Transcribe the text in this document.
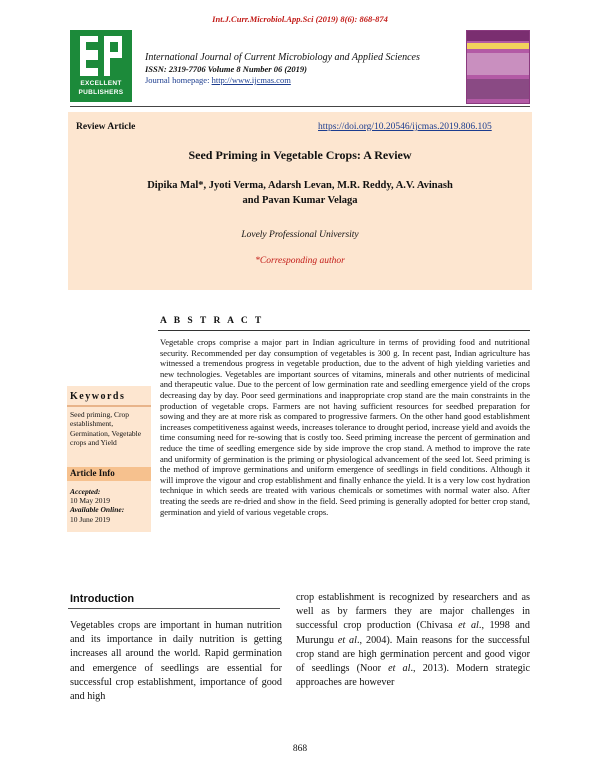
Int.J.Curr.Microbiol.App.Sci (2019) 8(6): 868-874
EXCELLENT
PUBLISHERS
International Journal of Current Microbiology and Applied Sciences
ISSN: 2319-7706 Volume 8 Number 06 (2019)
Journal homepage: http://www.ijcmas.com
Review Article	https://doi.org/10.20546/ijcmas.2019.806.105
Seed Priming in Vegetable Crops: A Review
Dipika Mal*, Jyoti Verma, Adarsh Levan, M.R. Reddy, A.V. Avinash
and Pavan Kumar Velaga
Lovely Professional University
*Corresponding author
A B S T R A C T
Vegetable crops comprise a major part in Indian agriculture in terms of providing food and nutritional security. Recommended per day consumption of vegetables is 300 g. In recent past, Indian agriculture has witnessed a tremendous progress in vegetable production, due to the advent of high yielding varieties and new technologies. Vegetables are important sources of vitamins, minerals and other nutrients of medicinal and therapeutic value. Due to the percent of low germination rate and seedling emergence yield of the crops decreasing day by day. Poor seed germinations and inappropriate crop stand are the main constraints in the production of vegetable crops. Farmers are not having sufficient resources for seedbed preparation for sowing and they are at more risk as compared to progressive farmers. On the other hand good establishment increases competitiveness against weeds, increases tolerance to drought period, increase yield and avoids the time consuming need for re-sowing that is costly too. Seed priming increase the percent of germination and reduce the time of seedling emergence side by side improve the crop stand. A method to improve the rate and uniformity of germination is the priming or physiological advancement of the seed lot. Seed priming is the method of improve germinations and uniform emergence of seedlings in field conditions. Although it will improve the vigour and crop establishment and finally enhance the yield. It is a very low cost hydration technique in which seeds are treated with various chemicals or sometimes with normal water also. After treating the seeds are re-dried and show in the field. Seed priming is generally adopted for better crop stand, germination and yield of various vegetable crops.
Keywords
Seed priming, Crop establishment, Germination, Vegetable crops and Yield
Article Info
Accepted:
10 May 2019
Available Online:
10 June 2019
Introduction
Vegetables crops are important in human nutrition and its importance in daily nutrition is getting increases all around the world. Rapid germination and emergence of seedlings are essential for successful crop establishment, importance of good and high
crop establishment is recognized by researchers and as well as by farmers they are major challenges in successful crop production (Chivasa et al., 1998 and Murungu et al., 2004). Main reasons for the successful crop stand are high germination percent and good vigor of seedlings (Noor et al., 2013). Modern strategic approaches are however
868
